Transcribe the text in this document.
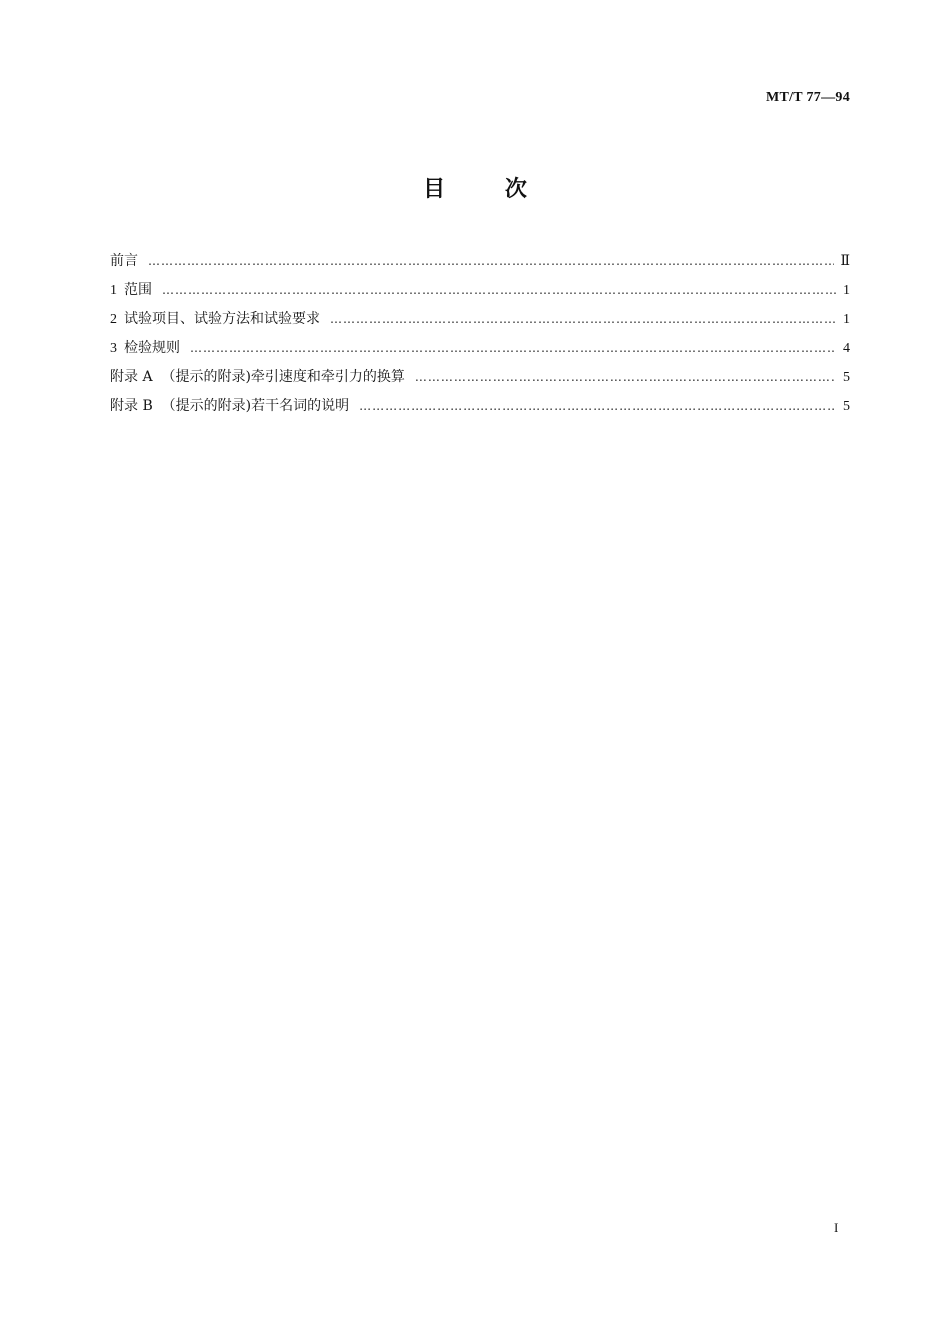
MT/T 77—94
目	次
前言 …………………………………………………………………………………………………………………………………………………………………………………………………………………………	Ⅱ
1 范围 …………………………………………………………………………………………………………………………………………………………………………………………………………………………	1
2 试验项目、试验方法和试验要求 …………………………………………………………………………………………………………………………………………………………………………………………………………………………	1
3 检验规则 …………………………………………………………………………………………………………………………………………………………………………………………………………………………	4
附录 A  （提示的附录)牵引速度和牵引力的换算 …………………………………………………………………………………………………………………………………………………………………………………………………………………………	5
附录 B  （提示的附录)若干名词的说明 …………………………………………………………………………………………………………………………………………………………………………………………………………………………	5
I
